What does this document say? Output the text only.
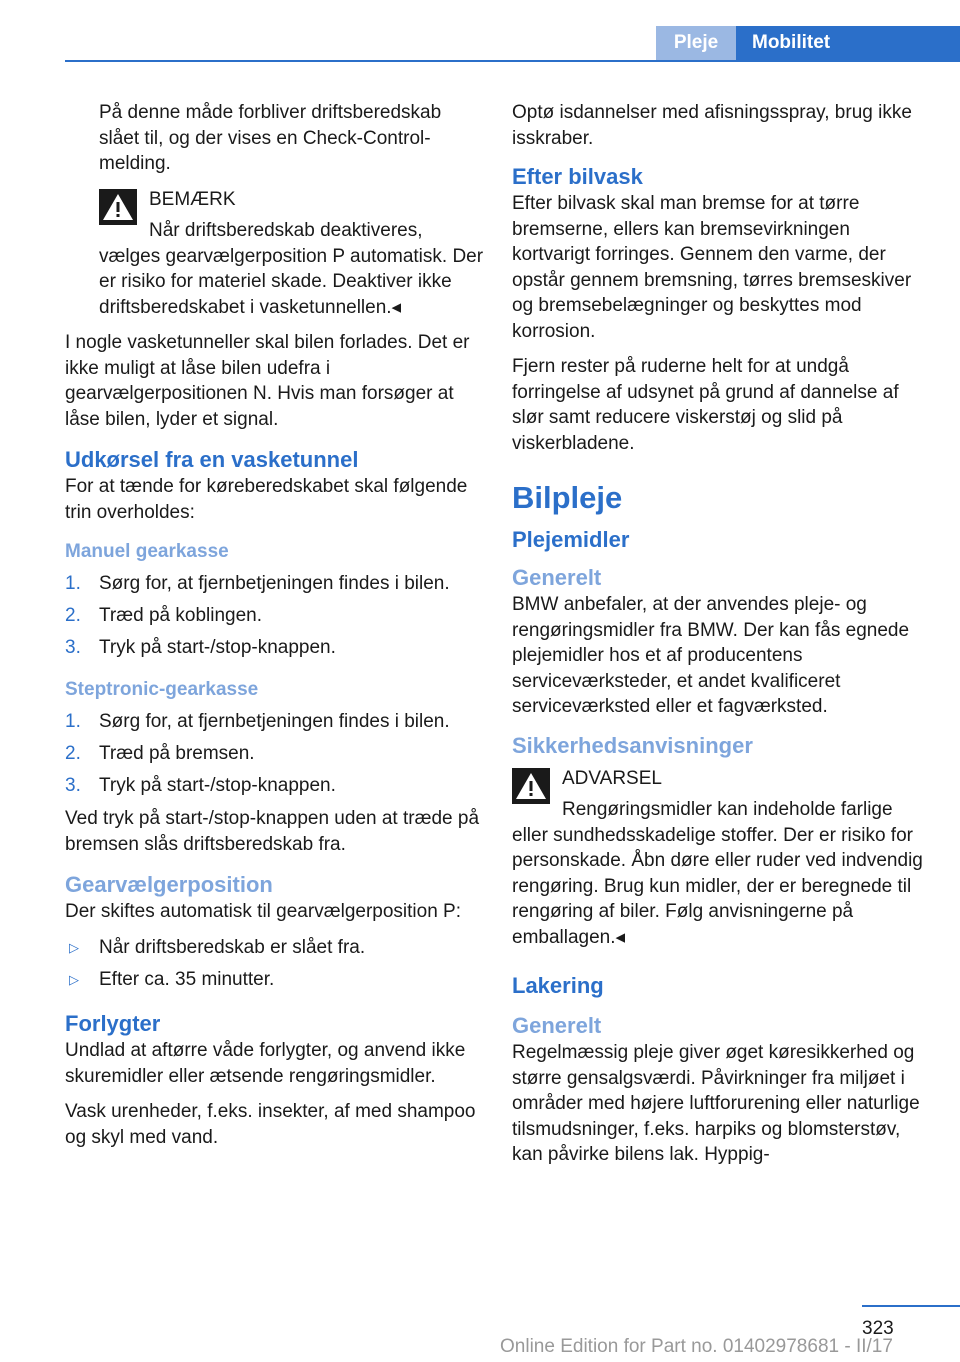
Pleje	Mobilitet

På denne måde forbliver driftsberedskab slået til, og der vises en Check-Control-melding.

BEMÆRK
Når driftsberedskab deaktiveres, vælges gearvælgerposition P automatisk. Der er risiko for materiel skade. Deaktiver ikke driftsberedskabet i vasketunnellen.◂

I nogle vasketunneller skal bilen forlades. Det er ikke muligt at låse bilen udefra i gearvælgerpositionen N. Hvis man forsøger at låse bilen, lyder et signal.

Udkørsel fra en vasketunnel

For at tænde for køreberedskabet skal følgende trin overholdes:

Manuel gearkasse
1. Sørg for, at fjernbetjeningen findes i bilen.
2. Træd på koblingen.
3. Tryk på start-/stop-knappen.
Steptronic-gearkasse
1. Sørg for, at fjernbetjeningen findes i bilen.
2. Træd på bremsen.
3. Tryk på start-/stop-knappen.

Ved tryk på start-/stop-knappen uden at træde på bremsen slås driftsberedskab fra.

Gearvælgerposition

Der skiftes automatisk til gearvælgerposition P:

▷ Når driftsberedskab er slået fra.
▷ Efter ca. 35 minutter.
Forlygter

Undlad at aftørre våde forlygter, og anvend ikke skuremidler eller ætsende rengøringsmidler.

Vask urenheder, f.eks. insekter, af med shampoo og skyl med vand.

Optø isdannelser med afisningsspray, brug ikke isskraber.

Efter bilvask

Efter bilvask skal man bremse for at tørre bremserne, ellers kan bremsevirkningen kortvarigt forringes. Gennem den varme, der opstår gennem bremsning, tørres bremseskiver og bremsebelægninger og beskyttes mod korrosion.

Fjern rester på ruderne helt for at undgå forringelse af udsynet på grund af dannelse af slør samt reducere viskerstøj og slid på viskerbladene.

Bilpleje
Plejemidler
Generelt

BMW anbefaler, at der anvendes pleje- og rengøringsmidler fra BMW. Der kan fås egnede plejemidler hos et af producentens serviceværksteder, et andet kvalificeret serviceværksted eller et fagværksted.

Sikkerhedsanvisninger
ADVARSEL
Rengøringsmidler kan indeholde farlige eller sundhedsskadelige stoffer. Der er risiko for personskade. Åbn døre eller ruder ved indvendig rengøring. Brug kun midler, der er beregnede til rengøring af biler. Følg anvisningerne på emballagen.◂
Lakering
Generelt

Regelmæssig pleje giver øget køresikkerhed og større gensalgsværdi. Påvirkninger fra miljøet i områder med højere luftforurening eller naturlige tilsmudsninger, f.eks. harpiks og blomsterstøv, kan påvirke bilens lak. Hyppig-

323
Online Edition for Part no. 01402978681 - II/17
